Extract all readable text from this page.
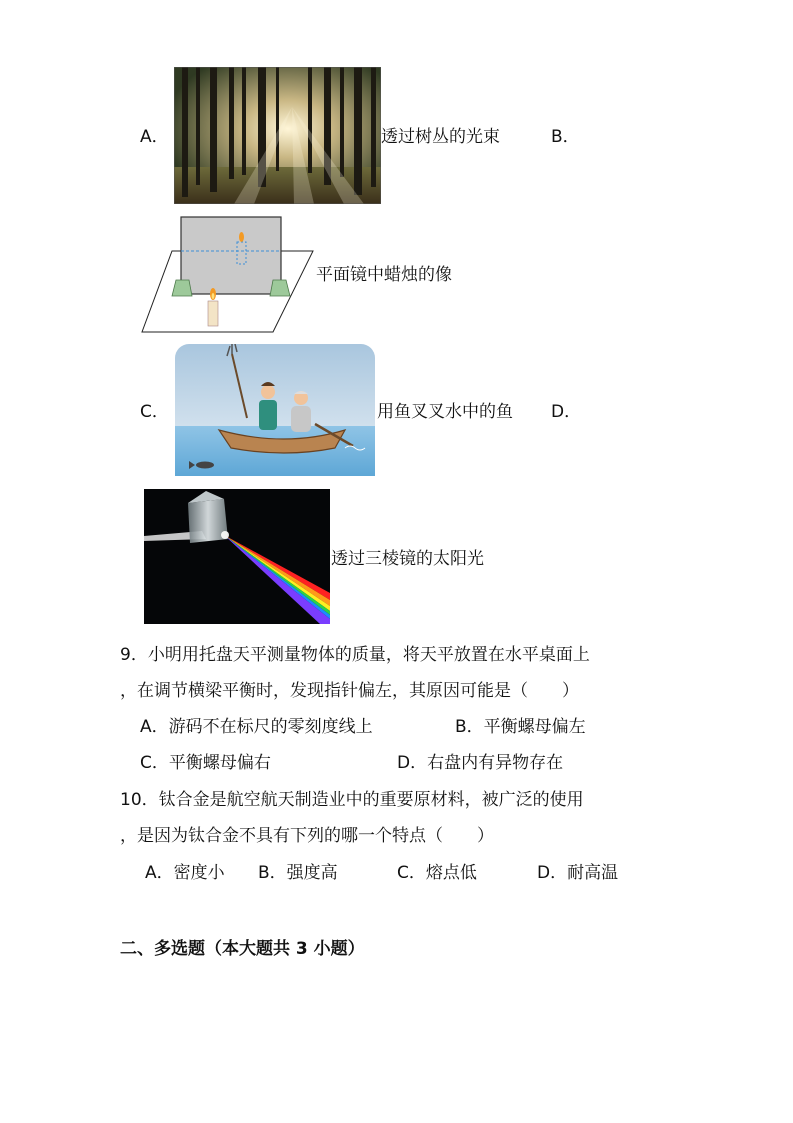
A．	透过树丛的光束	B．
平面镜中蜡烛的像
C．	用鱼叉叉水中的鱼 D．
透过三棱镜的太阳光
9．小明用托盘天平测量物体的质量，将天平放置在水平桌面上
，在调节横梁平衡时，发现指针偏左，其原因可能是（　　）
A．游码不在标尺的零刻度线上	B．平衡螺母偏左
C．平衡螺母偏右	D．右盘内有异物存在
10．钛合金是航空航天制造业中的重要原材料，被广泛的使用
，是因为钛合金不具有下列的哪一个特点（　　）
A．密度小 B．强度高	C．熔点低	D．耐高温
二、多选题（本大题共 3 小题）
